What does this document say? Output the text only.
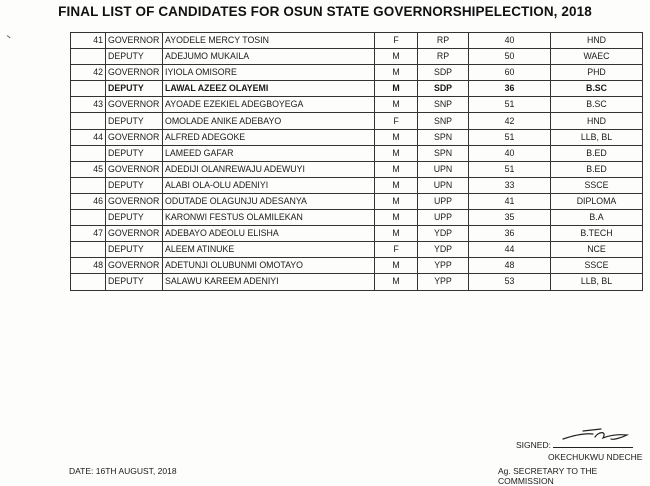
FINAL LIST OF CANDIDATES FOR OSUN STATE GOVERNORSHIPELECTION, 2018
41	GOVERNOR	AYODELE MERCY TOSIN	F	RP	40	HND
	DEPUTY	ADEJUMO MUKAILA	M	RP	50	WAEC
42	GOVERNOR	IYIOLA OMISORE	M	SDP	60	PHD
	DEPUTY	LAWAL AZEEZ OLAYEMI	M	SDP	36	B.SC
43	GOVERNOR	AYOADE EZEKIEL ADEGBOYEGA	M	SNP	51	B.SC
	DEPUTY	OMOLADE ANIKE ADEBAYO	F	SNP	42	HND
44	GOVERNOR	ALFRED ADEGOKE	M	SPN	51	LLB, BL
	DEPUTY	LAMEED GAFAR	M	SPN	40	B.ED
45	GOVERNOR	ADEDIJI OLANREWAJU ADEWUYI	M	UPN	51	B.ED
	DEPUTY	ALABI OLA-OLU ADENIYI	M	UPN	33	SSCE
46	GOVERNOR	ODUTADE OLAGUNJU ADESANYA	M	UPP	41	DIPLOMA
	DEPUTY	KARONWI FESTUS OLAMILEKAN	M	UPP	35	B.A
47	GOVERNOR	ADEBAYO ADEOLU ELISHA	M	YDP	36	B.TECH
	DEPUTY	ALEEM ATINUKE	F	YDP	44	NCE
48	GOVERNOR	ADETUNJI OLUBUNMI OMOTAYO	M	YPP	48	SSCE
	DEPUTY	SALAWU KAREEM ADENIYI	M	YPP	53	LLB, BL
SIGNED:
OKECHUKWU NDECHE
Ag. SECRETARY TO THE COMMISSION
DATE: 16TH AUGUST, 2018
